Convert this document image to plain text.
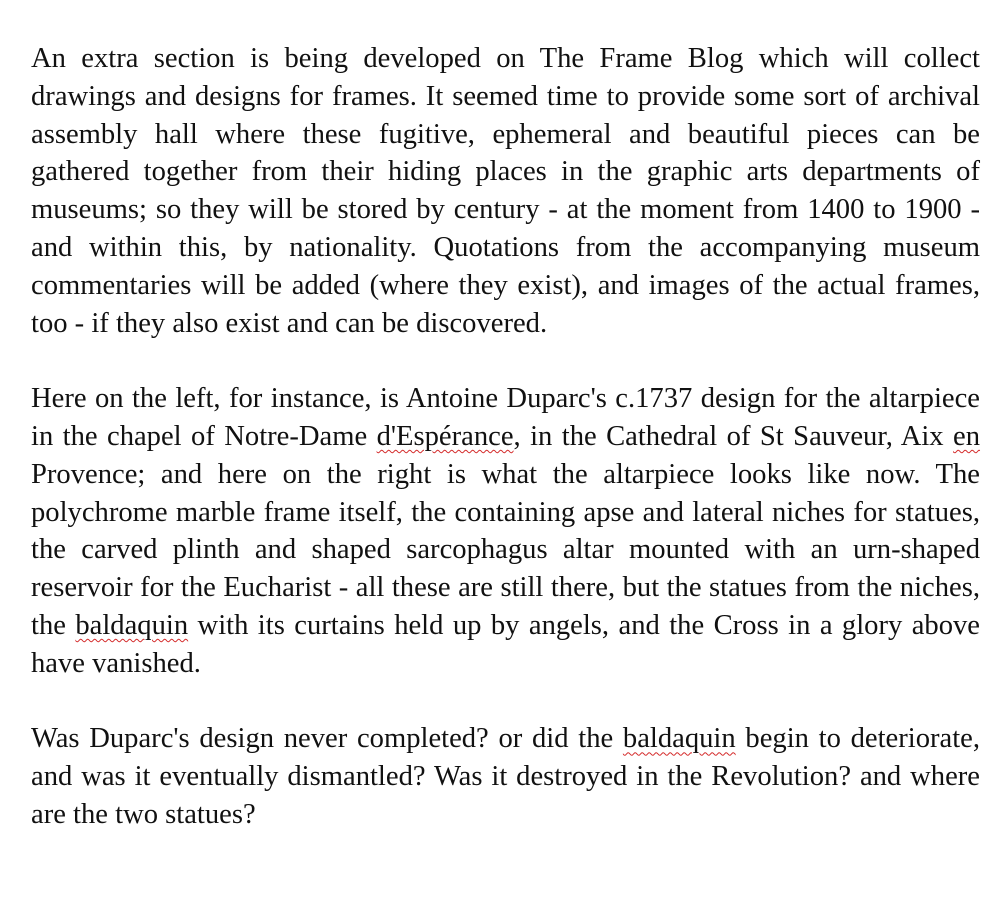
An extra section is being developed on The Frame Blog which will collect drawings and designs for frames. It seemed time to provide some sort of archival assembly hall where these fugitive, ephemeral and beautiful pieces can be gathered together from their hiding places in the graphic arts departments of museums; so they will be stored by century - at the moment from 1400 to 1900 - and within this, by nationality. Quotations from the accompanying museum commentaries will be added (where they exist), and images of the actual frames, too - if they also exist and can be discovered.

Here on the left, for instance, is Antoine Duparc's c.1737 design for the altarpiece in the chapel of Notre-Dame d'Espérance, in the Cathedral of St Sauveur, Aix en Provence; and here on the right is what the altarpiece looks like now. The polychrome marble frame itself, the containing apse and lateral niches for statues, the carved plinth and shaped sarcophagus altar mounted with an urn-shaped reservoir for the Eucharist - all these are still there, but the statues from the niches, the baldaquin with its curtains held up by angels, and the Cross in a glory above have vanished.

Was Duparc's design never completed? or did the baldaquin begin to deteriorate, and was it eventually dismantled? Was it destroyed in the Revolution? and where are the two statues?
